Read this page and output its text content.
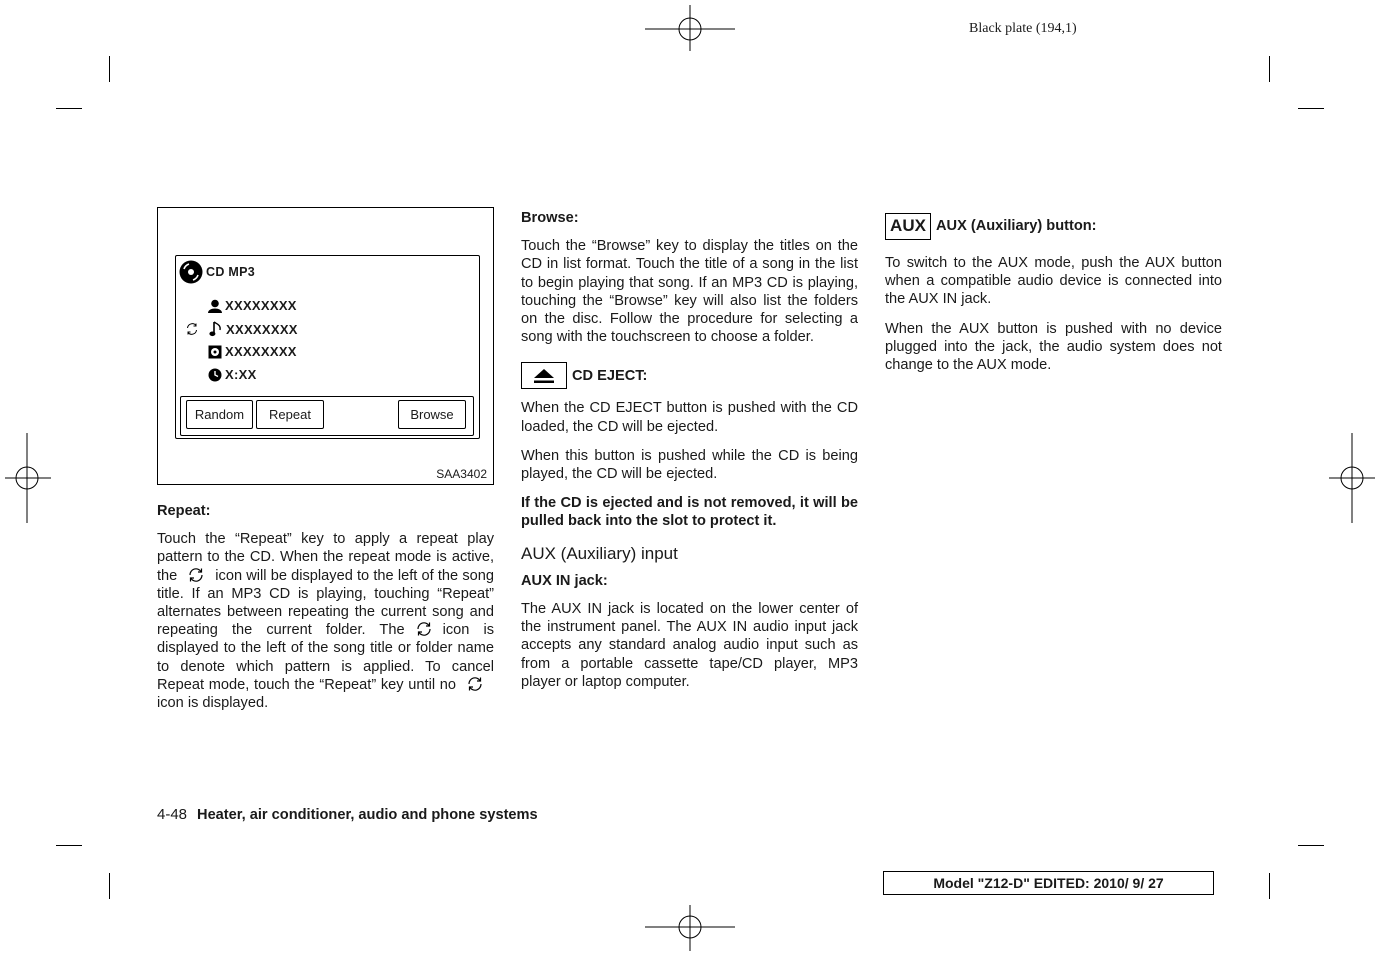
Black plate (194,1)
CD MP3
XXXXXXXX
XXXXXXXX
XXXXXXXX
X:XX
Random	Repeat	Browse
SAA3402
Repeat:

Touch the “Repeat” key to apply a repeat play pattern to the CD. When the repeat mode is active, the	icon will be displayed to the left of the song title. If an MP3 CD is playing, touching “Repeat” alternates between repeating the current song and repeating the current folder. The	icon is displayed to the left of the song title or folder name to denote which pattern is applied. To cancel Repeat mode, touch the “Repeat” key until noicon is displayed.

Browse:

Touch the “Browse” key to display the titles on the CD in list format. Touch the title of a song in the list to begin playing that song. If an MP3 CD is playing, touching the “Browse” key will also list the folders on the disc. Follow the procedure for selecting a song with the touchscreen to choose a folder.

CD EJECT:

When the CD EJECT button is pushed with the CD loaded, the CD will be ejected.

When this button is pushed while the CD is being played, the CD will be ejected.

If the CD is ejected and is not removed, it will be pulled back into the slot to protect it.

AUX (Auxiliary) input
AUX IN jack:

The AUX IN jack is located on the lower center of the instrument panel. The AUX IN audio input jack accepts any standard analog audio input such as from a portable cassette tape/CD player, MP3 player or laptop computer.

AUX AUX (Auxiliary) button:

To switch to the AUX mode, push the AUX button when a compatible audio device is connected into the AUX IN jack.

When the AUX button is pushed with no device plugged into the jack, the audio system does not change to the AUX mode.

4-48 Heater, air conditioner, audio and phone systems
Model "Z12-D" EDITED: 2010/ 9/ 27
